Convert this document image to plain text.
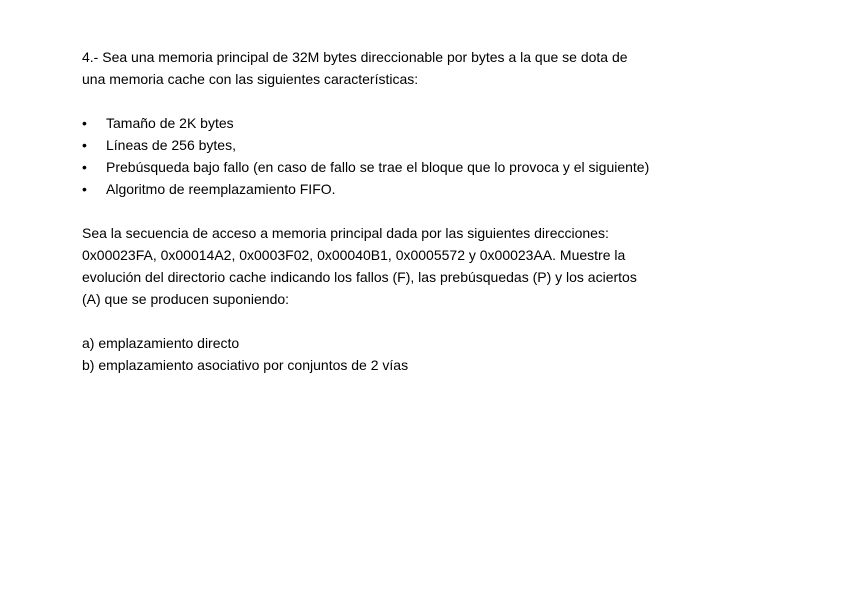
4.- Sea una memoria principal de 32M bytes direccionable por bytes a la que se dota de
una memoria cache con las siguientes características:

•	Tamaño de 2K bytes
•	Líneas de 256 bytes,
•	Prebúsqueda bajo fallo (en caso de fallo se trae el bloque que lo provoca y el siguiente)
•	Algoritmo de reemplazamiento FIFO.

Sea la secuencia de acceso a memoria principal dada por las siguientes direcciones:
0x00023FA, 0x00014A2, 0x0003F02, 0x00040B1, 0x0005572 y 0x00023AA. Muestre la
evolución del directorio cache indicando los fallos (F), las prebúsquedas (P) y los aciertos
(A) que se producen suponiendo:

a) emplazamiento directo
b) emplazamiento asociativo por conjuntos de 2 vías
